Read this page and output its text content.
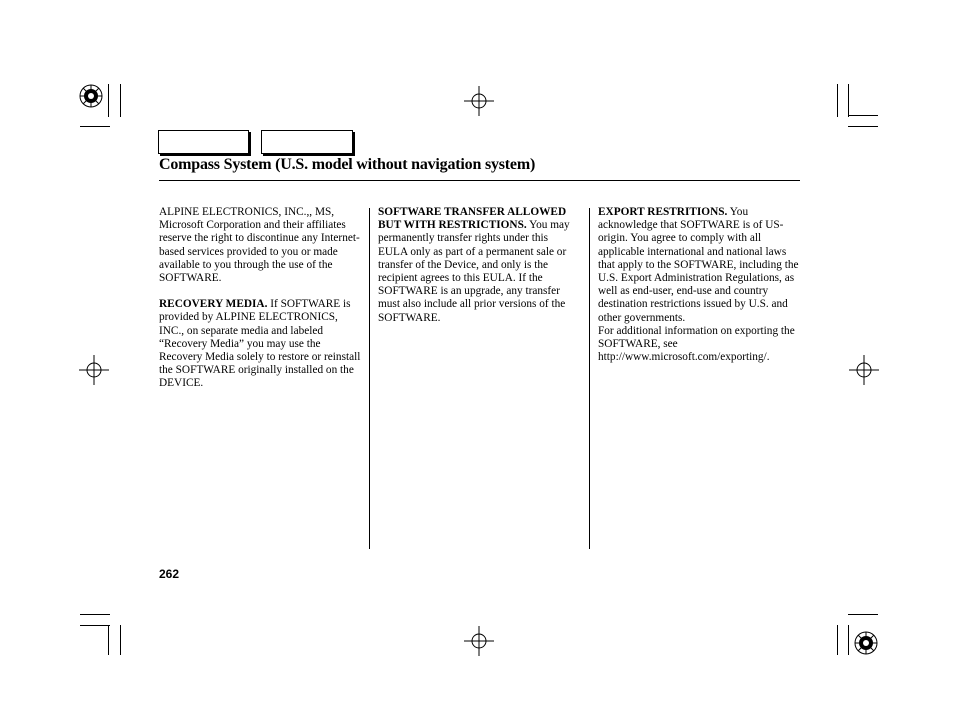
Compass System (U.S. model without navigation system)

ALPINE ELECTRONICS, INC.,, MS, Microsoft Corporation and their affiliates reserve the right to discontinue any Internet-based services provided to you or made available to you through the use of the SOFTWARE.

RECOVERY MEDIA. If SOFTWARE is provided by ALPINE ELECTRONICS, INC., on separate media and labeled “Recovery Media” you may use the Recovery Media solely to restore or reinstall the SOFTWARE originally installed on the DEVICE.

SOFTWARE TRANSFER ALLOWED BUT WITH RESTRICTIONS. You may permanently transfer rights under this EULA only as part of a permanent sale or transfer of the Device, and only is the recipient agrees to this EULA. If the SOFTWARE is an upgrade, any transfer must also include all prior versions of the SOFTWARE.

EXPORT RESTRITIONS. You acknowledge that SOFTWARE is of US-origin. You agree to comply with all applicable international and national laws that apply to the SOFTWARE, including the U.S. Export Administration Regulations, as well as end-user, end-use and country destination restrictions issued by U.S. and other governments.

For additional information on exporting the SOFTWARE, see http://www.microsoft.com/exporting/.

262
